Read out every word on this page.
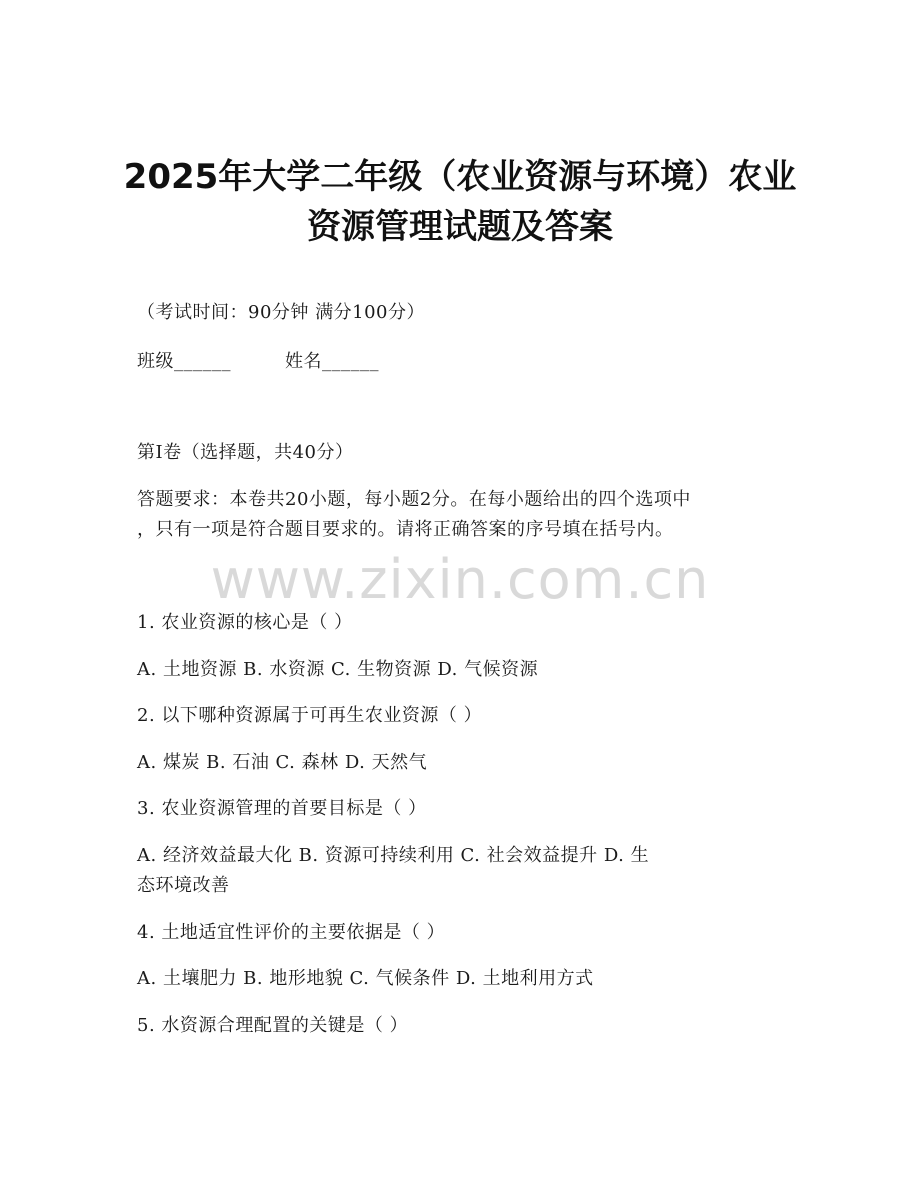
www.zixin.com.cn
2025年大学二年级（农业资源与环境）农业
资源管理试题及答案
（考试时间：90分钟 满分100分）
班级______	姓名______
第I卷（选择题，共40分）
答题要求：本卷共20小题，每小题2分。在每小题给出的四个选项中
，只有一项是符合题目要求的。请将正确答案的序号填在括号内。
1. 农业资源的核心是（ ）
A. 土地资源 B. 水资源 C. 生物资源 D. 气候资源
2. 以下哪种资源属于可再生农业资源（ ）
A. 煤炭 B. 石油 C. 森林 D. 天然气
3. 农业资源管理的首要目标是（ ）
A. 经济效益最大化 B. 资源可持续利用 C. 社会效益提升 D. 生
态环境改善
4. 土地适宜性评价的主要依据是（ ）
A. 土壤肥力 B. 地形地貌 C. 气候条件 D. 土地利用方式
5. 水资源合理配置的关键是（ ）
